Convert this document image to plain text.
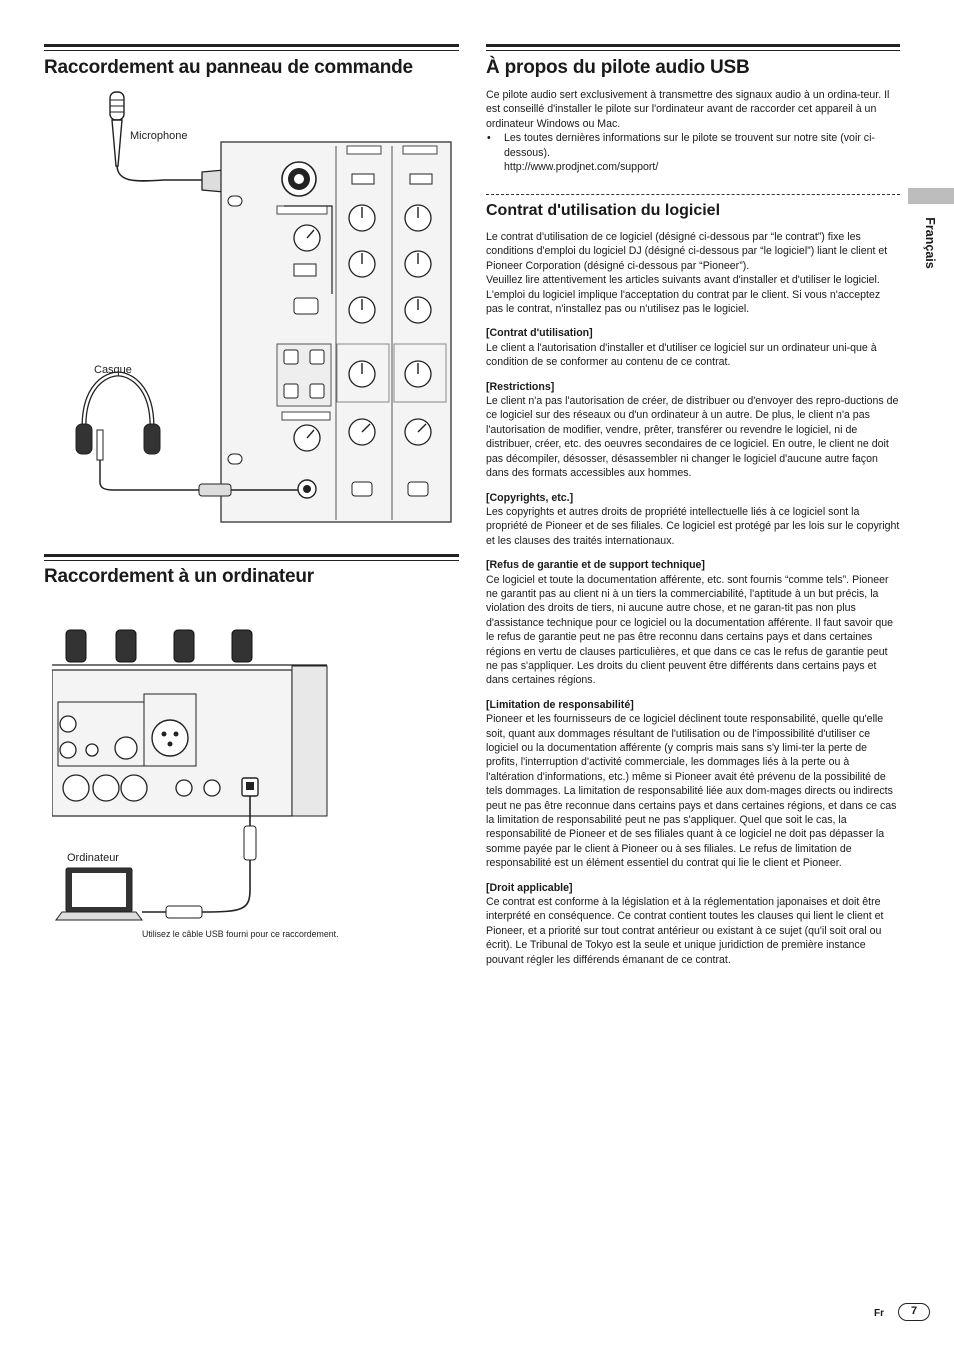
Raccordement au panneau de commande
Microphone
Casque
Raccordement à un ordinateur
Ordinateur
Utilisez le câble USB fourni pour ce raccordement.
À propos du pilote audio USB

Ce pilote audio sert exclusivement à transmettre des signaux audio à un ordina-teur. Il est conseillé d'installer le pilote sur l'ordinateur avant de raccorder cet appareil à un ordinateur Windows ou Mac.

• Les toutes dernières informations sur le pilote se trouvent sur notre site (voir ci-dessous).

http://www.prodjnet.com/support/

Contrat d'utilisation du logiciel

Le contrat d'utilisation de ce logiciel (désigné ci-dessous par “le contrat”) fixe les conditions d'emploi du logiciel DJ (désigné ci-dessous par “le logiciel”) liant le client et Pioneer Corporation (désigné ci-dessous par “Pioneer”).

Veuillez lire attentivement les articles suivants avant d'installer et d'utiliser le logiciel. L'emploi du logiciel implique l'acceptation du contrat par le client. Si vous n'acceptez pas le contrat, n'installez pas ou n'utilisez pas le logiciel.

[Contrat d'utilisation]

Le client a l'autorisation d'installer et d'utiliser ce logiciel sur un ordinateur uni-que à condition de se conformer au contenu de ce contrat.

[Restrictions]

Le client n'a pas l'autorisation de créer, de distribuer ou d'envoyer des repro-ductions de ce logiciel sur des réseaux ou d'un ordinateur à un autre. De plus, le client n'a pas l'autorisation de modifier, vendre, prêter, transférer ou revendre le logiciel, ni de distribuer, créer, etc. des oeuvres secondaires de ce logiciel. En outre, le client ne doit pas décompiler, désosser, désassembler ni changer le logiciel d'aucune autre façon dans des formats accessibles aux hommes.

[Copyrights, etc.]

Les copyrights et autres droits de propriété intellectuelle liés à ce logiciel sont la propriété de Pioneer et de ses filiales. Ce logiciel est protégé par les lois sur le copyright et les clauses des traités internationaux.

[Refus de garantie et de support technique]

Ce logiciel et toute la documentation afférente, etc. sont fournis “comme tels”. Pioneer ne garantit pas au client ni à un tiers la commerciabilité, l'aptitude à un but précis, la violation des droits de tiers, ni aucune autre chose, et ne garan-tit pas non plus d'assistance technique pour ce logiciel ou la documentation afférente. Il faut savoir que le refus de garantie peut ne pas être reconnu dans certains pays et dans certaines régions en vertu de clauses particulières, et que dans ce cas le refus de garantie peut ne pas s'appliquer. Les droits du client peuvent être différents dans certains pays et dans certaines régions.

[Limitation de responsabilité]

Pioneer et les fournisseurs de ce logiciel déclinent toute responsabilité, quelle qu'elle soit, quant aux dommages résultant de l'utilisation ou de l'impossibilité d'utiliser ce logiciel ou la documentation afférente (y compris mais sans s'y limi-ter la perte de profits, l'interruption d'activité commerciale, les dommages liés à la perte ou à l'altération d'informations, etc.) même si Pioneer avait été prévenu de la possibilité de tels dommages. La limitation de responsabilité liée aux dom-mages directs ou indirects peut ne pas être reconnue dans certains pays et dans certaines régions, et dans ce cas la limitation de responsabilité peut ne pas s'appliquer. Quel que soit le cas, la responsabilité de Pioneer et de ses filiales quant à ce logiciel ne doit pas dépasser la somme payée par le client à Pioneer ou à ses filiales. Le refus de limitation de responsabilité est un élément essentiel du contrat qui lie le client et Pioneer.

[Droit applicable]

Ce contrat est conforme à la législation et à la réglementation japonaises et doit être interprété en conséquence. Ce contrat contient toutes les clauses qui lient le client et Pioneer, et a priorité sur tout contrat antérieur ou existant à ce sujet (qu'il soit oral ou écrit). Le Tribunal de Tokyo est la seule et unique juridiction de première instance pouvant régler les différends émanant de ce contrat.

Français
Fr	7
